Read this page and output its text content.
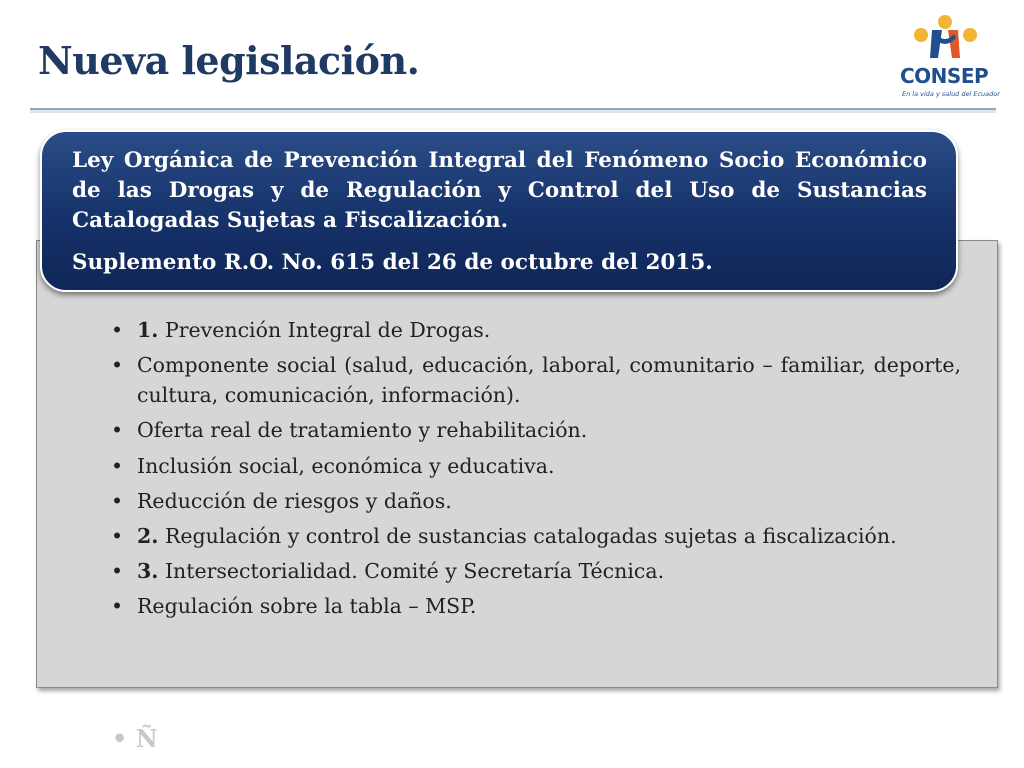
Nueva legislación.	CONSEP
En la vida y salud del Ecuador
• 1. Prevención Integral de Drogas.
• Componente social (salud, educación, laboral, comunitario – familiar, deporte, cultura, comunicación, información).
• Oferta real de tratamiento y rehabilitación.
• Inclusión social, económica y educativa.
• Reducción de riesgos y daños.
• 2. Regulación y control de sustancias catalogadas sujetas a fiscalización.
• 3. Intersectorialidad. Comité y Secretaría Técnica.
• Regulación sobre la tabla – MSP.

Ley Orgánica de Prevención Integral del Fenómeno Socio Económico de las Drogas y de Regulación y Control del Uso de Sustancias Catalogadas Sujetas a Fiscalización.

Suplemento R.O. No. 615 del 26 de octubre del 2015.

• Ñ
